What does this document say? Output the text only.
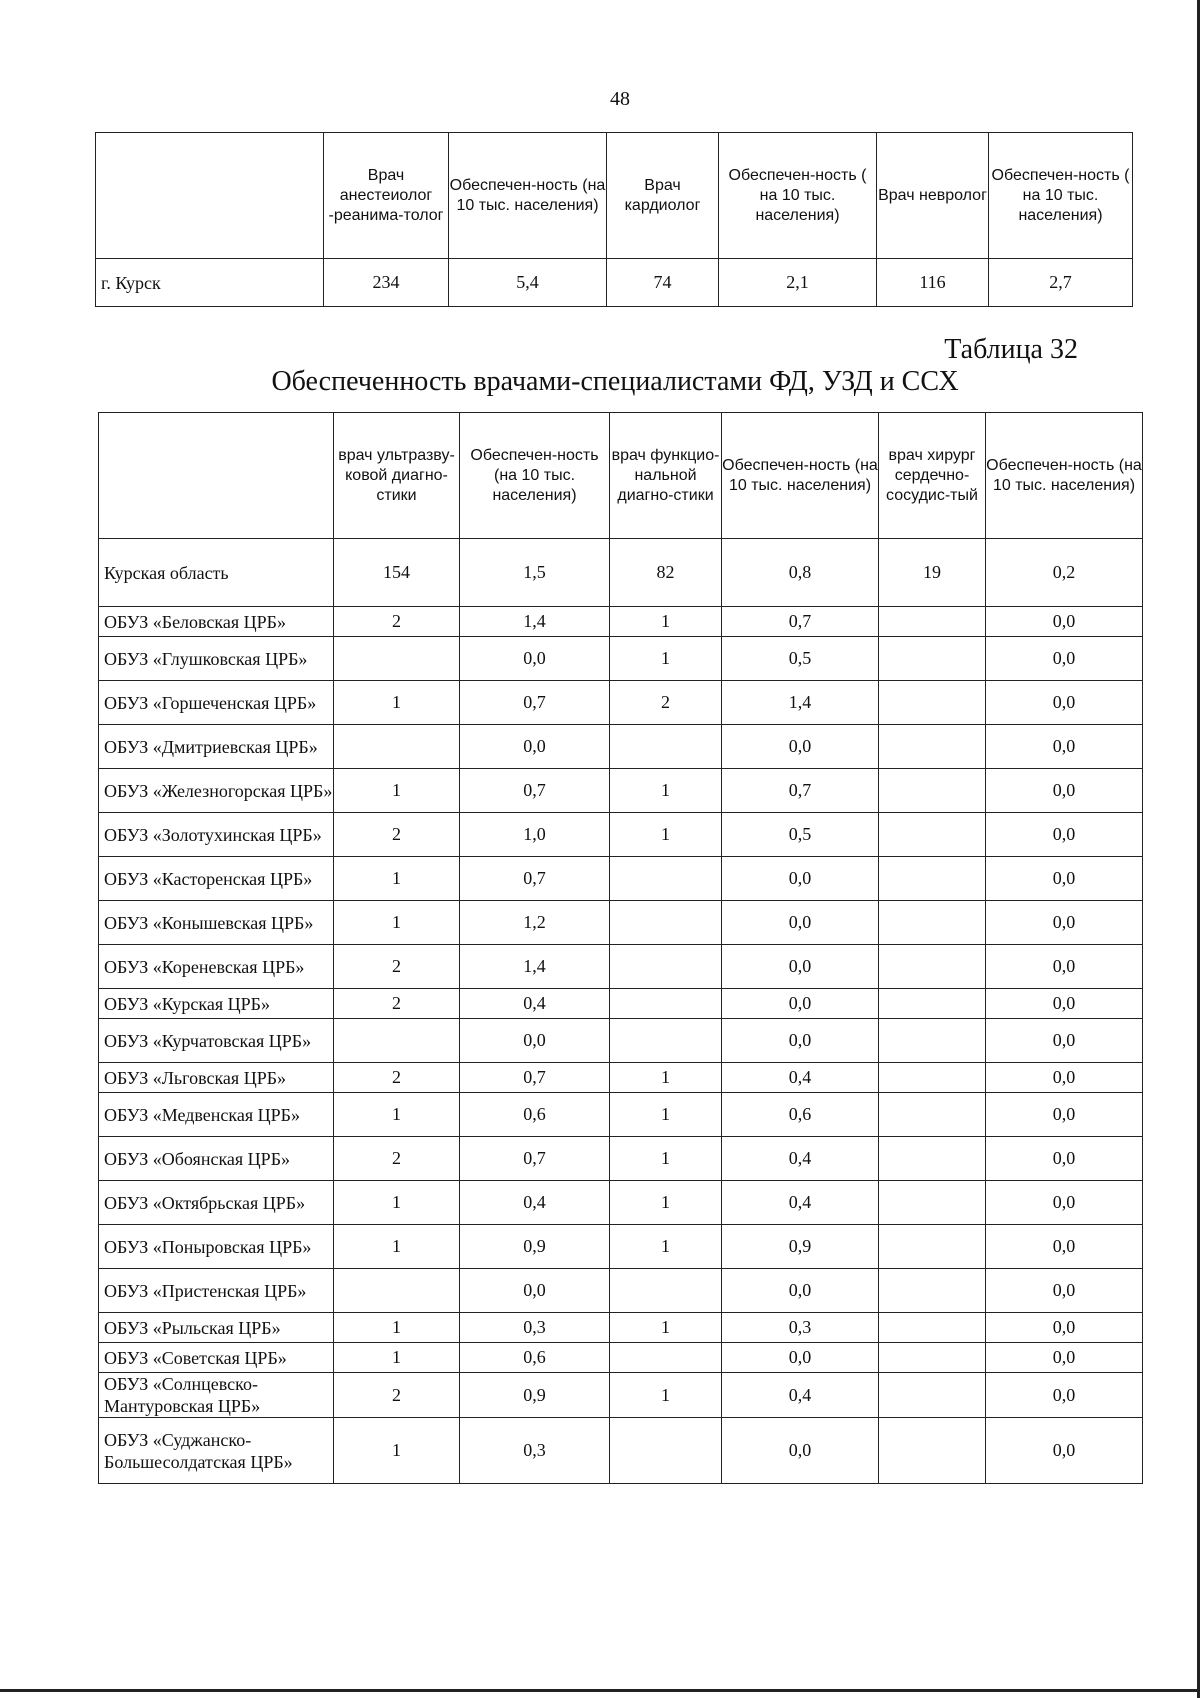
48
	Врач анестеиолог -реанима-толог	Обеспечен-ность (на 10 тыс. населения)	Врач кардиолог	Обеспечен-ность ( на 10 тыс. населения)	Врач невролог	Обеспечен-ность ( на 10 тыс. населения)
г. Курск	234	5,4	74	2,1	116	2,7
Таблица 32
Обеспеченность врачами-специалистами ФД, УЗД и ССХ
	врач ультразву-ковой диагно-стики	Обеспечен-ность (на 10 тыс. населения)	врач функцио-нальной диагно-стики	Обеспечен-ность (на 10 тыс. населения)	врач хирург сердечно-сосудис-тый	Обеспечен-ность (на 10 тыс. населения)
Курская область	154	1,5	82	0,8	19	0,2
ОБУЗ «Беловская ЦРБ»	2	1,4	1	0,7		0,0
ОБУЗ «Глушковская ЦРБ»		0,0	1	0,5		0,0
ОБУЗ «Горшеченская ЦРБ»	1	0,7	2	1,4		0,0
ОБУЗ «Дмитриевская ЦРБ»		0,0		0,0		0,0
ОБУЗ «Железногорская ЦРБ»	1	0,7	1	0,7		0,0
ОБУЗ «Золотухинская ЦРБ»	2	1,0	1	0,5		0,0
ОБУЗ «Касторенская ЦРБ»	1	0,7		0,0		0,0
ОБУЗ «Конышевская ЦРБ»	1	1,2		0,0		0,0
ОБУЗ «Кореневская ЦРБ»	2	1,4		0,0		0,0
ОБУЗ «Курская ЦРБ»	2	0,4		0,0		0,0
ОБУЗ «Курчатовская ЦРБ»		0,0		0,0		0,0
ОБУЗ «Льговская ЦРБ»	2	0,7	1	0,4		0,0
ОБУЗ «Медвенская ЦРБ»	1	0,6	1	0,6		0,0
ОБУЗ «Обоянская ЦРБ»	2	0,7	1	0,4		0,0
ОБУЗ «Октябрьская ЦРБ»	1	0,4	1	0,4		0,0
ОБУЗ «Поныровская ЦРБ»	1	0,9	1	0,9		0,0
ОБУЗ «Пристенская ЦРБ»		0,0		0,0		0,0
ОБУЗ «Рыльская ЦРБ»	1	0,3	1	0,3		0,0
ОБУЗ «Советская ЦРБ»	1	0,6		0,0		0,0
ОБУЗ «Солнцевско-Мантуровская ЦРБ»	2	0,9	1	0,4		0,0
ОБУЗ «Суджанско-Большесолдатская ЦРБ»	1	0,3		0,0		0,0
